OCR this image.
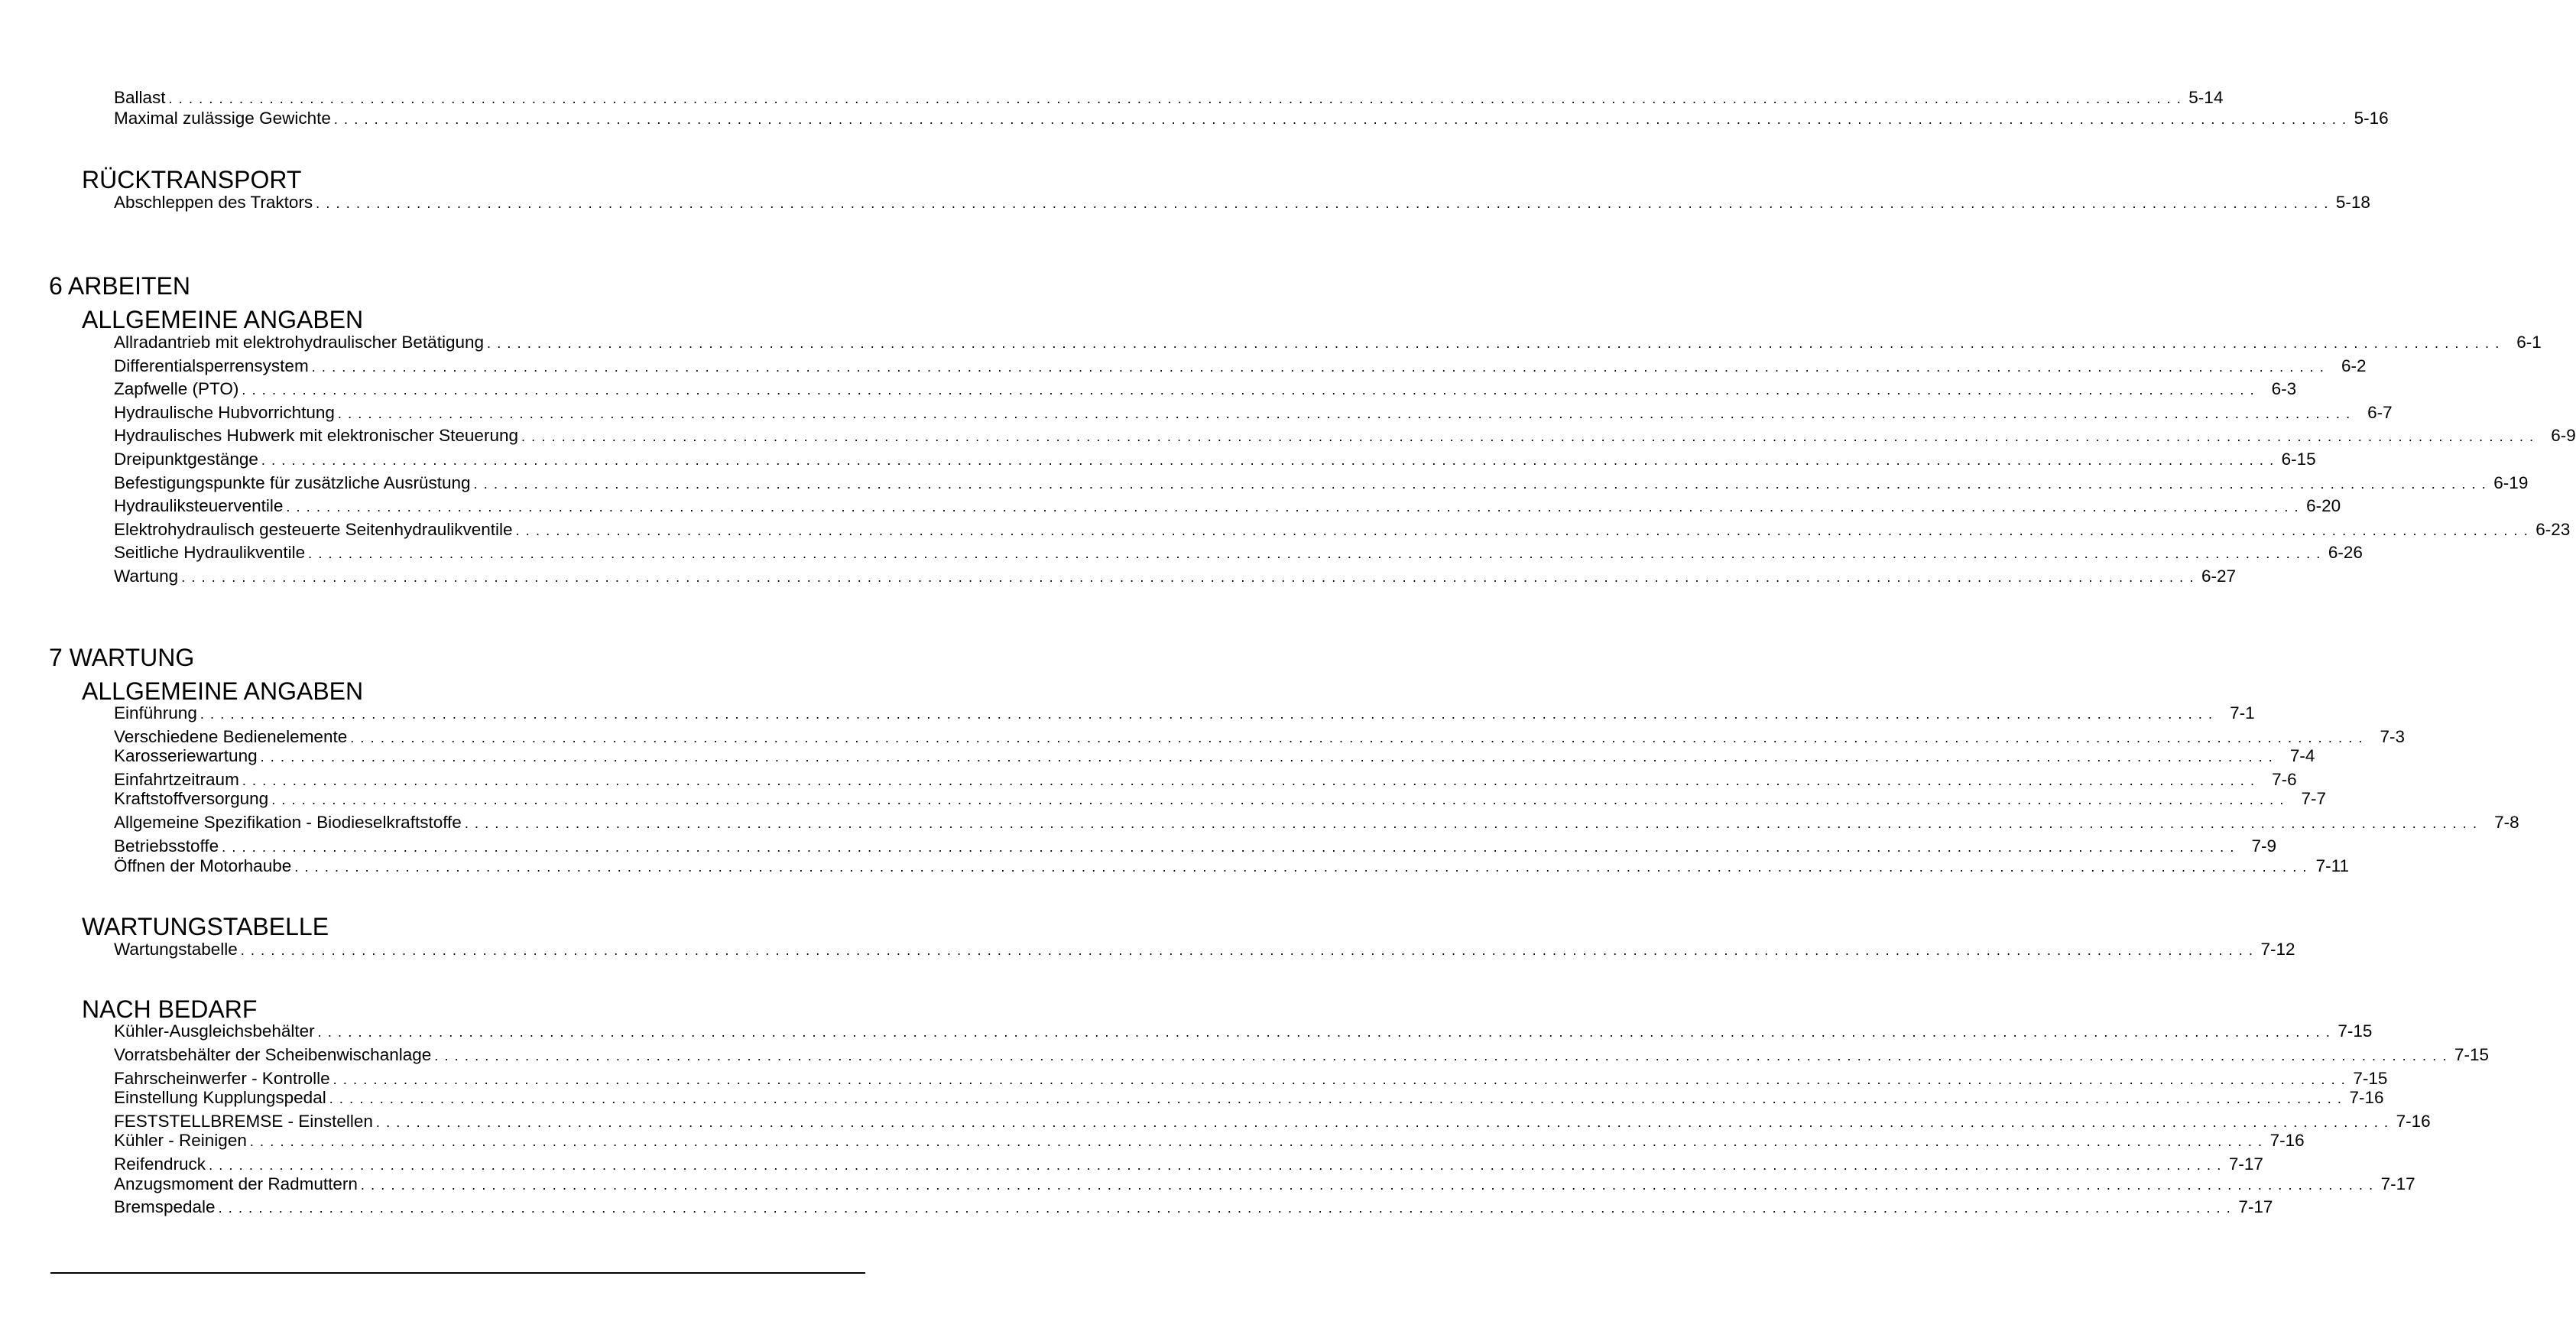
Ballast . . . . . . . . . . . . . . . . . . . . . . . . . . . . . . . . . . . . . . . . . . . . . . . . . . . . . . . . . . . . . . . . . . . . . . . . . . . . . . . . . . . . . . . . . . . . . . . . . . . . . . . . . . . . . . . . . . . . . . . . . . . . . . . . . . . . . . . . . . . . . . . . . . . . . . . . . . . . . . . . . . . . . . . . . . . . . . . . . . . . . . . . . . . . . . . . . . . . . . . . 5-14
Maximal zulässige Gewichte . . . . . . . . . . . . . . . . . . . . . . . . . . . . . . . . . . . . . . . . . . . . . . . . . . . . . . . . . . . . . . . . . . . . . . . . . . . . . . . . . . . . . . . . . . . . . . . . . . . . . . . . . . . . . . . . . . . . . . . . . . . . . . . . . . . . . . . . . . . . . . . . . . . . . . . . . . . . . . . . . . . . . . . . . . . . . . . . . . . . . . . . . . . . . . . . . . . . . . . . 5-16
RÜCKTRANSPORT
Abschleppen des Traktors . . . . . . . . . . . . . . . . . . . . . . . . . . . . . . . . . . . . . . . . . . . . . . . . . . . . . . . . . . . . . . . . . . . . . . . . . . . . . . . . . . . . . . . . . . . . . . . . . . . . . . . . . . . . . . . . . . . . . . . . . . . . . . . . . . . . . . . . . . . . . . . . . . . . . . . . . . . . . . . . . . . . . . . . . . . . . . . . . . . . . . . . . . . . . . . . . . . . . . . . 5-18
6 ARBEITEN
ALLGEMEINE ANGABEN
Allradantrieb mit elektrohydraulischer Betätigung . . . . . . . . . . . . . . . . . . . . . . . . . . . . . . . . . . . . . . . . . . . . . . . . . . . . . . . . . . . . . . . . . . . . . . . . . . . . . . . . . . . . . . . . . . . . . . . . . . . . . . . . . . . . . . . . . . . . . . . . . . . . . . . . . . . . . . . . . . . . . . . . . . . . . . . . . . . . . . . . . . . . . . . . . . . . . . . . . . . . . . . . . . . . . . . . . . . . . . . . 6-1
Differentialsperrensystem . . . . . . . . . . . . . . . . . . . . . . . . . . . . . . . . . . . . . . . . . . . . . . . . . . . . . . . . . . . . . . . . . . . . . . . . . . . . . . . . . . . . . . . . . . . . . . . . . . . . . . . . . . . . . . . . . . . . . . . . . . . . . . . . . . . . . . . . . . . . . . . . . . . . . . . . . . . . . . . . . . . . . . . . . . . . . . . . . . . . . . . . . . . . . . . . . . . . . . . . 6-2
Zapfwelle (PTO) . . . . . . . . . . . . . . . . . . . . . . . . . . . . . . . . . . . . . . . . . . . . . . . . . . . . . . . . . . . . . . . . . . . . . . . . . . . . . . . . . . . . . . . . . . . . . . . . . . . . . . . . . . . . . . . . . . . . . . . . . . . . . . . . . . . . . . . . . . . . . . . . . . . . . . . . . . . . . . . . . . . . . . . . . . . . . . . . . . . . . . . . . . . . . . . . . . . . . . . . 6-3
Hydraulische Hubvorrichtung . . . . . . . . . . . . . . . . . . . . . . . . . . . . . . . . . . . . . . . . . . . . . . . . . . . . . . . . . . . . . . . . . . . . . . . . . . . . . . . . . . . . . . . . . . . . . . . . . . . . . . . . . . . . . . . . . . . . . . . . . . . . . . . . . . . . . . . . . . . . . . . . . . . . . . . . . . . . . . . . . . . . . . . . . . . . . . . . . . . . . . . . . . . . . . . . . . . . . . . . 6-7
Hydraulisches Hubwerk mit elektronischer Steuerung . . . . . . . . . . . . . . . . . . . . . . . . . . . . . . . . . . . . . . . . . . . . . . . . . . . . . . . . . . . . . . . . . . . . . . . . . . . . . . . . . . . . . . . . . . . . . . . . . . . . . . . . . . . . . . . . . . . . . . . . . . . . . . . . . . . . . . . . . . . . . . . . . . . . . . . . . . . . . . . . . . . . . . . . . . . . . . . . . . . . . . . . . . . . . . . . . . . . . . . . 6-9
Dreipunktgestänge . . . . . . . . . . . . . . . . . . . . . . . . . . . . . . . . . . . . . . . . . . . . . . . . . . . . . . . . . . . . . . . . . . . . . . . . . . . . . . . . . . . . . . . . . . . . . . . . . . . . . . . . . . . . . . . . . . . . . . . . . . . . . . . . . . . . . . . . . . . . . . . . . . . . . . . . . . . . . . . . . . . . . . . . . . . . . . . . . . . . . . . . . . . . . . . . . . . . . . . . 6-15
Befestigungspunkte für zusätzliche Ausrüstung . . . . . . . . . . . . . . . . . . . . . . . . . . . . . . . . . . . . . . . . . . . . . . . . . . . . . . . . . . . . . . . . . . . . . . . . . . . . . . . . . . . . . . . . . . . . . . . . . . . . . . . . . . . . . . . . . . . . . . . . . . . . . . . . . . . . . . . . . . . . . . . . . . . . . . . . . . . . . . . . . . . . . . . . . . . . . . . . . . . . . . . . . . . . . . . . . . . . . . . . 6-19
Hydrauliksteuerventile . . . . . . . . . . . . . . . . . . . . . . . . . . . . . . . . . . . . . . . . . . . . . . . . . . . . . . . . . . . . . . . . . . . . . . . . . . . . . . . . . . . . . . . . . . . . . . . . . . . . . . . . . . . . . . . . . . . . . . . . . . . . . . . . . . . . . . . . . . . . . . . . . . . . . . . . . . . . . . . . . . . . . . . . . . . . . . . . . . . . . . . . . . . . . . . . . . . . . . . . 6-20
Elektrohydraulisch gesteuerte Seitenhydraulikventile . . . . . . . . . . . . . . . . . . . . . . . . . . . . . . . . . . . . . . . . . . . . . . . . . . . . . . . . . . . . . . . . . . . . . . . . . . . . . . . . . . . . . . . . . . . . . . . . . . . . . . . . . . . . . . . . . . . . . . . . . . . . . . . . . . . . . . . . . . . . . . . . . . . . . . . . . . . . . . . . . . . . . . . . . . . . . . . . . . . . . . . . . . . . . . . . . . . . . . . . 6-23
Seitliche Hydraulikventile . . . . . . . . . . . . . . . . . . . . . . . . . . . . . . . . . . . . . . . . . . . . . . . . . . . . . . . . . . . . . . . . . . . . . . . . . . . . . . . . . . . . . . . . . . . . . . . . . . . . . . . . . . . . . . . . . . . . . . . . . . . . . . . . . . . . . . . . . . . . . . . . . . . . . . . . . . . . . . . . . . . . . . . . . . . . . . . . . . . . . . . . . . . . . . . . . . . . . . . . 6-26
Wartung . . . . . . . . . . . . . . . . . . . . . . . . . . . . . . . . . . . . . . . . . . . . . . . . . . . . . . . . . . . . . . . . . . . . . . . . . . . . . . . . . . . . . . . . . . . . . . . . . . . . . . . . . . . . . . . . . . . . . . . . . . . . . . . . . . . . . . . . . . . . . . . . . . . . . . . . . . . . . . . . . . . . . . . . . . . . . . . . . . . . . . . . . . . . . . . . . . . . . . . . 6-27
7 WARTUNG
ALLGEMEINE ANGABEN
Einführung . . . . . . . . . . . . . . . . . . . . . . . . . . . . . . . . . . . . . . . . . . . . . . . . . . . . . . . . . . . . . . . . . . . . . . . . . . . . . . . . . . . . . . . . . . . . . . . . . . . . . . . . . . . . . . . . . . . . . . . . . . . . . . . . . . . . . . . . . . . . . . . . . . . . . . . . . . . . . . . . . . . . . . . . . . . . . . . . . . . . . . . . . . . . . . . . . . . . . . . . 7-1
Verschiedene Bedienelemente . . . . . . . . . . . . . . . . . . . . . . . . . . . . . . . . . . . . . . . . . . . . . . . . . . . . . . . . . . . . . . . . . . . . . . . . . . . . . . . . . . . . . . . . . . . . . . . . . . . . . . . . . . . . . . . . . . . . . . . . . . . . . . . . . . . . . . . . . . . . . . . . . . . . . . . . . . . . . . . . . . . . . . . . . . . . . . . . . . . . . . . . . . . . . . . . . . . . . . . . 7-3
Karosseriewartung . . . . . . . . . . . . . . . . . . . . . . . . . . . . . . . . . . . . . . . . . . . . . . . . . . . . . . . . . . . . . . . . . . . . . . . . . . . . . . . . . . . . . . . . . . . . . . . . . . . . . . . . . . . . . . . . . . . . . . . . . . . . . . . . . . . . . . . . . . . . . . . . . . . . . . . . . . . . . . . . . . . . . . . . . . . . . . . . . . . . . . . . . . . . . . . . . . . . . . . . 7-4
Einfahrtzeitraum . . . . . . . . . . . . . . . . . . . . . . . . . . . . . . . . . . . . . . . . . . . . . . . . . . . . . . . . . . . . . . . . . . . . . . . . . . . . . . . . . . . . . . . . . . . . . . . . . . . . . . . . . . . . . . . . . . . . . . . . . . . . . . . . . . . . . . . . . . . . . . . . . . . . . . . . . . . . . . . . . . . . . . . . . . . . . . . . . . . . . . . . . . . . . . . . . . . . . . . . 7-6
Kraftstoffversorgung . . . . . . . . . . . . . . . . . . . . . . . . . . . . . . . . . . . . . . . . . . . . . . . . . . . . . . . . . . . . . . . . . . . . . . . . . . . . . . . . . . . . . . . . . . . . . . . . . . . . . . . . . . . . . . . . . . . . . . . . . . . . . . . . . . . . . . . . . . . . . . . . . . . . . . . . . . . . . . . . . . . . . . . . . . . . . . . . . . . . . . . . . . . . . . . . . . . . . . . . 7-7
Allgemeine Spezifikation - Biodieselkraftstoffe . . . . . . . . . . . . . . . . . . . . . . . . . . . . . . . . . . . . . . . . . . . . . . . . . . . . . . . . . . . . . . . . . . . . . . . . . . . . . . . . . . . . . . . . . . . . . . . . . . . . . . . . . . . . . . . . . . . . . . . . . . . . . . . . . . . . . . . . . . . . . . . . . . . . . . . . . . . . . . . . . . . . . . . . . . . . . . . . . . . . . . . . . . . . . . . . . . . . . . . . 7-8
Betriebsstoffe . . . . . . . . . . . . . . . . . . . . . . . . . . . . . . . . . . . . . . . . . . . . . . . . . . . . . . . . . . . . . . . . . . . . . . . . . . . . . . . . . . . . . . . . . . . . . . . . . . . . . . . . . . . . . . . . . . . . . . . . . . . . . . . . . . . . . . . . . . . . . . . . . . . . . . . . . . . . . . . . . . . . . . . . . . . . . . . . . . . . . . . . . . . . . . . . . . . . . . . . 7-9
Öffnen der Motorhaube . . . . . . . . . . . . . . . . . . . . . . . . . . . . . . . . . . . . . . . . . . . . . . . . . . . . . . . . . . . . . . . . . . . . . . . . . . . . . . . . . . . . . . . . . . . . . . . . . . . . . . . . . . . . . . . . . . . . . . . . . . . . . . . . . . . . . . . . . . . . . . . . . . . . . . . . . . . . . . . . . . . . . . . . . . . . . . . . . . . . . . . . . . . . . . . . . . . . . . . . 7-11
WARTUNGSTABELLE
Wartungstabelle . . . . . . . . . . . . . . . . . . . . . . . . . . . . . . . . . . . . . . . . . . . . . . . . . . . . . . . . . . . . . . . . . . . . . . . . . . . . . . . . . . . . . . . . . . . . . . . . . . . . . . . . . . . . . . . . . . . . . . . . . . . . . . . . . . . . . . . . . . . . . . . . . . . . . . . . . . . . . . . . . . . . . . . . . . . . . . . . . . . . . . . . . . . . . . . . . . . . . . . . 7-12
NACH BEDARF
Kühler-Ausgleichsbehälter . . . . . . . . . . . . . . . . . . . . . . . . . . . . . . . . . . . . . . . . . . . . . . . . . . . . . . . . . . . . . . . . . . . . . . . . . . . . . . . . . . . . . . . . . . . . . . . . . . . . . . . . . . . . . . . . . . . . . . . . . . . . . . . . . . . . . . . . . . . . . . . . . . . . . . . . . . . . . . . . . . . . . . . . . . . . . . . . . . . . . . . . . . . . . . . . . . . . . . . . 7-15
Vorratsbehälter der Scheibenwischanlage . . . . . . . . . . . . . . . . . . . . . . . . . . . . . . . . . . . . . . . . . . . . . . . . . . . . . . . . . . . . . . . . . . . . . . . . . . . . . . . . . . . . . . . . . . . . . . . . . . . . . . . . . . . . . . . . . . . . . . . . . . . . . . . . . . . . . . . . . . . . . . . . . . . . . . . . . . . . . . . . . . . . . . . . . . . . . . . . . . . . . . . . . . . . . . . . . . . . . . . . 7-15
Fahrscheinwerfer - Kontrolle . . . . . . . . . . . . . . . . . . . . . . . . . . . . . . . . . . . . . . . . . . . . . . . . . . . . . . . . . . . . . . . . . . . . . . . . . . . . . . . . . . . . . . . . . . . . . . . . . . . . . . . . . . . . . . . . . . . . . . . . . . . . . . . . . . . . . . . . . . . . . . . . . . . . . . . . . . . . . . . . . . . . . . . . . . . . . . . . . . . . . . . . . . . . . . . . . . . . . . . . 7-15
Einstellung Kupplungspedal . . . . . . . . . . . . . . . . . . . . . . . . . . . . . . . . . . . . . . . . . . . . . . . . . . . . . . . . . . . . . . . . . . . . . . . . . . . . . . . . . . . . . . . . . . . . . . . . . . . . . . . . . . . . . . . . . . . . . . . . . . . . . . . . . . . . . . . . . . . . . . . . . . . . . . . . . . . . . . . . . . . . . . . . . . . . . . . . . . . . . . . . . . . . . . . . . . . . . . . . 7-16
FESTSTELLBREMSE - Einstellen . . . . . . . . . . . . . . . . . . . . . . . . . . . . . . . . . . . . . . . . . . . . . . . . . . . . . . . . . . . . . . . . . . . . . . . . . . . . . . . . . . . . . . . . . . . . . . . . . . . . . . . . . . . . . . . . . . . . . . . . . . . . . . . . . . . . . . . . . . . . . . . . . . . . . . . . . . . . . . . . . . . . . . . . . . . . . . . . . . . . . . . . . . . . . . . . . . . . . . . . 7-16
Kühler - Reinigen . . . . . . . . . . . . . . . . . . . . . . . . . . . . . . . . . . . . . . . . . . . . . . . . . . . . . . . . . . . . . . . . . . . . . . . . . . . . . . . . . . . . . . . . . . . . . . . . . . . . . . . . . . . . . . . . . . . . . . . . . . . . . . . . . . . . . . . . . . . . . . . . . . . . . . . . . . . . . . . . . . . . . . . . . . . . . . . . . . . . . . . . . . . . . . . . . . . . . . . . 7-16
Reifendruck . . . . . . . . . . . . . . . . . . . . . . . . . . . . . . . . . . . . . . . . . . . . . . . . . . . . . . . . . . . . . . . . . . . . . . . . . . . . . . . . . . . . . . . . . . . . . . . . . . . . . . . . . . . . . . . . . . . . . . . . . . . . . . . . . . . . . . . . . . . . . . . . . . . . . . . . . . . . . . . . . . . . . . . . . . . . . . . . . . . . . . . . . . . . . . . . . . . . . . . . 7-17
Anzugsmoment der Radmuttern . . . . . . . . . . . . . . . . . . . . . . . . . . . . . . . . . . . . . . . . . . . . . . . . . . . . . . . . . . . . . . . . . . . . . . . . . . . . . . . . . . . . . . . . . . . . . . . . . . . . . . . . . . . . . . . . . . . . . . . . . . . . . . . . . . . . . . . . . . . . . . . . . . . . . . . . . . . . . . . . . . . . . . . . . . . . . . . . . . . . . . . . . . . . . . . . . . . . . . . . 7-17
Bremspedale . . . . . . . . . . . . . . . . . . . . . . . . . . . . . . . . . . . . . . . . . . . . . . . . . . . . . . . . . . . . . . . . . . . . . . . . . . . . . . . . . . . . . . . . . . . . . . . . . . . . . . . . . . . . . . . . . . . . . . . . . . . . . . . . . . . . . . . . . . . . . . . . . . . . . . . . . . . . . . . . . . . . . . . . . . . . . . . . . . . . . . . . . . . . . . . . . . . . . . . . 7-17
